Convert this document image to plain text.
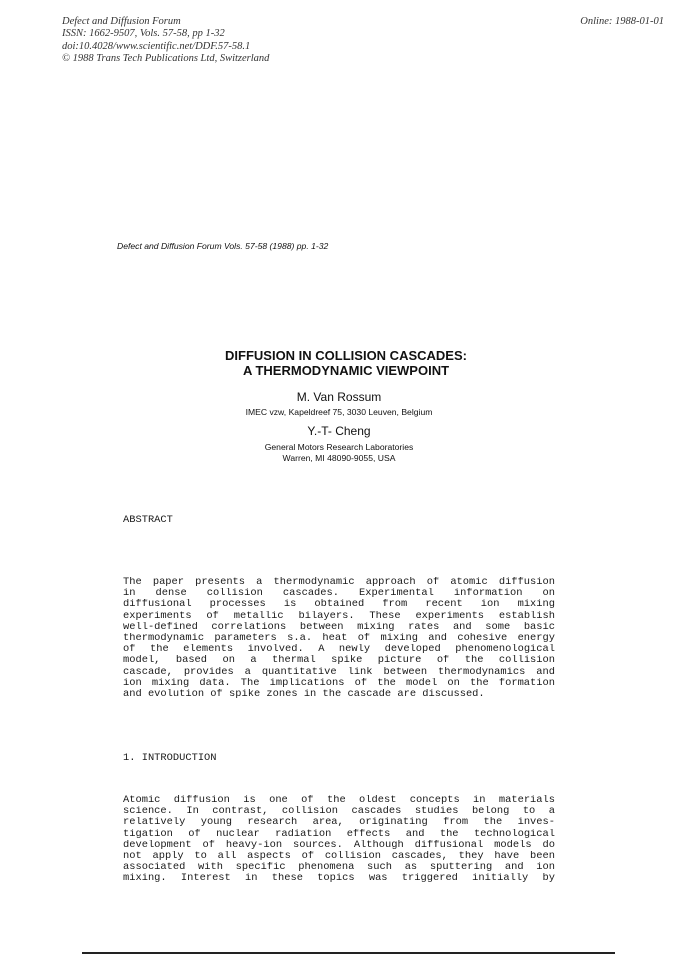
Defect and Diffusion Forum
ISSN: 1662-9507, Vols. 57-58, pp 1-32
doi:10.4028/www.scientific.net/DDF.57-58.1
© 1988 Trans Tech Publications Ltd, Switzerland
Online: 1988-01-01
Defect and Diffusion Forum Vols. 57-58 (1988) pp. 1-32
DIFFUSION IN COLLISION CASCADES:
A THERMODYNAMIC VIEWPOINT
M. Van Rossum
IMEC vzw, Kapeldreef 75, 3030 Leuven, Belgium
Y.-T- Cheng
General Motors Research Laboratories
Warren, MI 48090-9055, USA
ABSTRACT
The paper presents a thermodynamic approach of atomic diffusion
in dense collision cascades. Experimental information on
diffusional processes is obtained from recent ion mixing
experiments of metallic bilayers. These experiments establish
well-defined correlations between mixing rates and some basic
thermodynamic parameters s.a. heat of mixing and cohesive energy
of the elements involved. A newly developed phenomenological
model, based on a thermal spike picture of the collision
cascade, provides a quantitative link between thermodynamics and
ion mixing data. The implications of the model on the formation
and evolution of spike zones in the cascade are discussed.
1. INTRODUCTION
Atomic diffusion is one of the oldest concepts in materials
science. In contrast, collision cascades studies belong to a
relatively young research area, originating from the inves-
tigation of nuclear radiation effects and the technological
development of heavy-ion sources. Although diffusional models do
not apply to all aspects of collision cascades, they have been
associated with specific phenomena such as sputtering and ion
mixing. Interest in these topics was triggered initially by
